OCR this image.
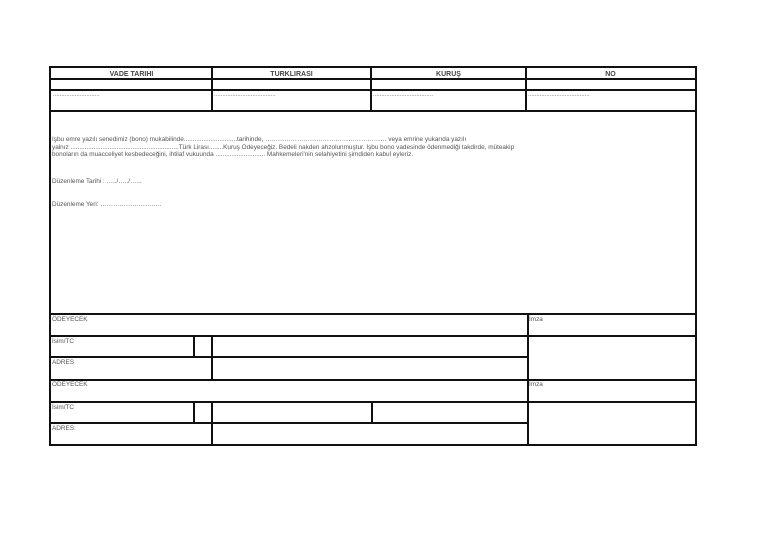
VADE TARIHI	TURKLIRASI	KURUŞ	NO
............................	.....................................	....................................	.....................................
Işbu emre yazılı senedimiz (bono) mukabilinde..............................tarihinde, ………………………………………………… veya emrine yukarıda yazılı
yalnız .............................................................Türk Lirası........Kuruş Ödeyeceğiz. Bedeli nakden ahzolunmuştur. İşbu bono vadesinde ödenmediği takdirde, müteakip
bonoların da muacceliyet kesbedeceğini, ihtilaf vukuunda ............................ Mahkemeleri'nin selahiyetini şimdiden kabul eyleriz.
Düzenleme Tarihi : …../…../…...
Düzenleme Yeri: ………………………..
ÖDEYECEK	İmza
İsim/TC
ADRES
ÖDEYECEK	İmza
İsim/TC
ADRES:
